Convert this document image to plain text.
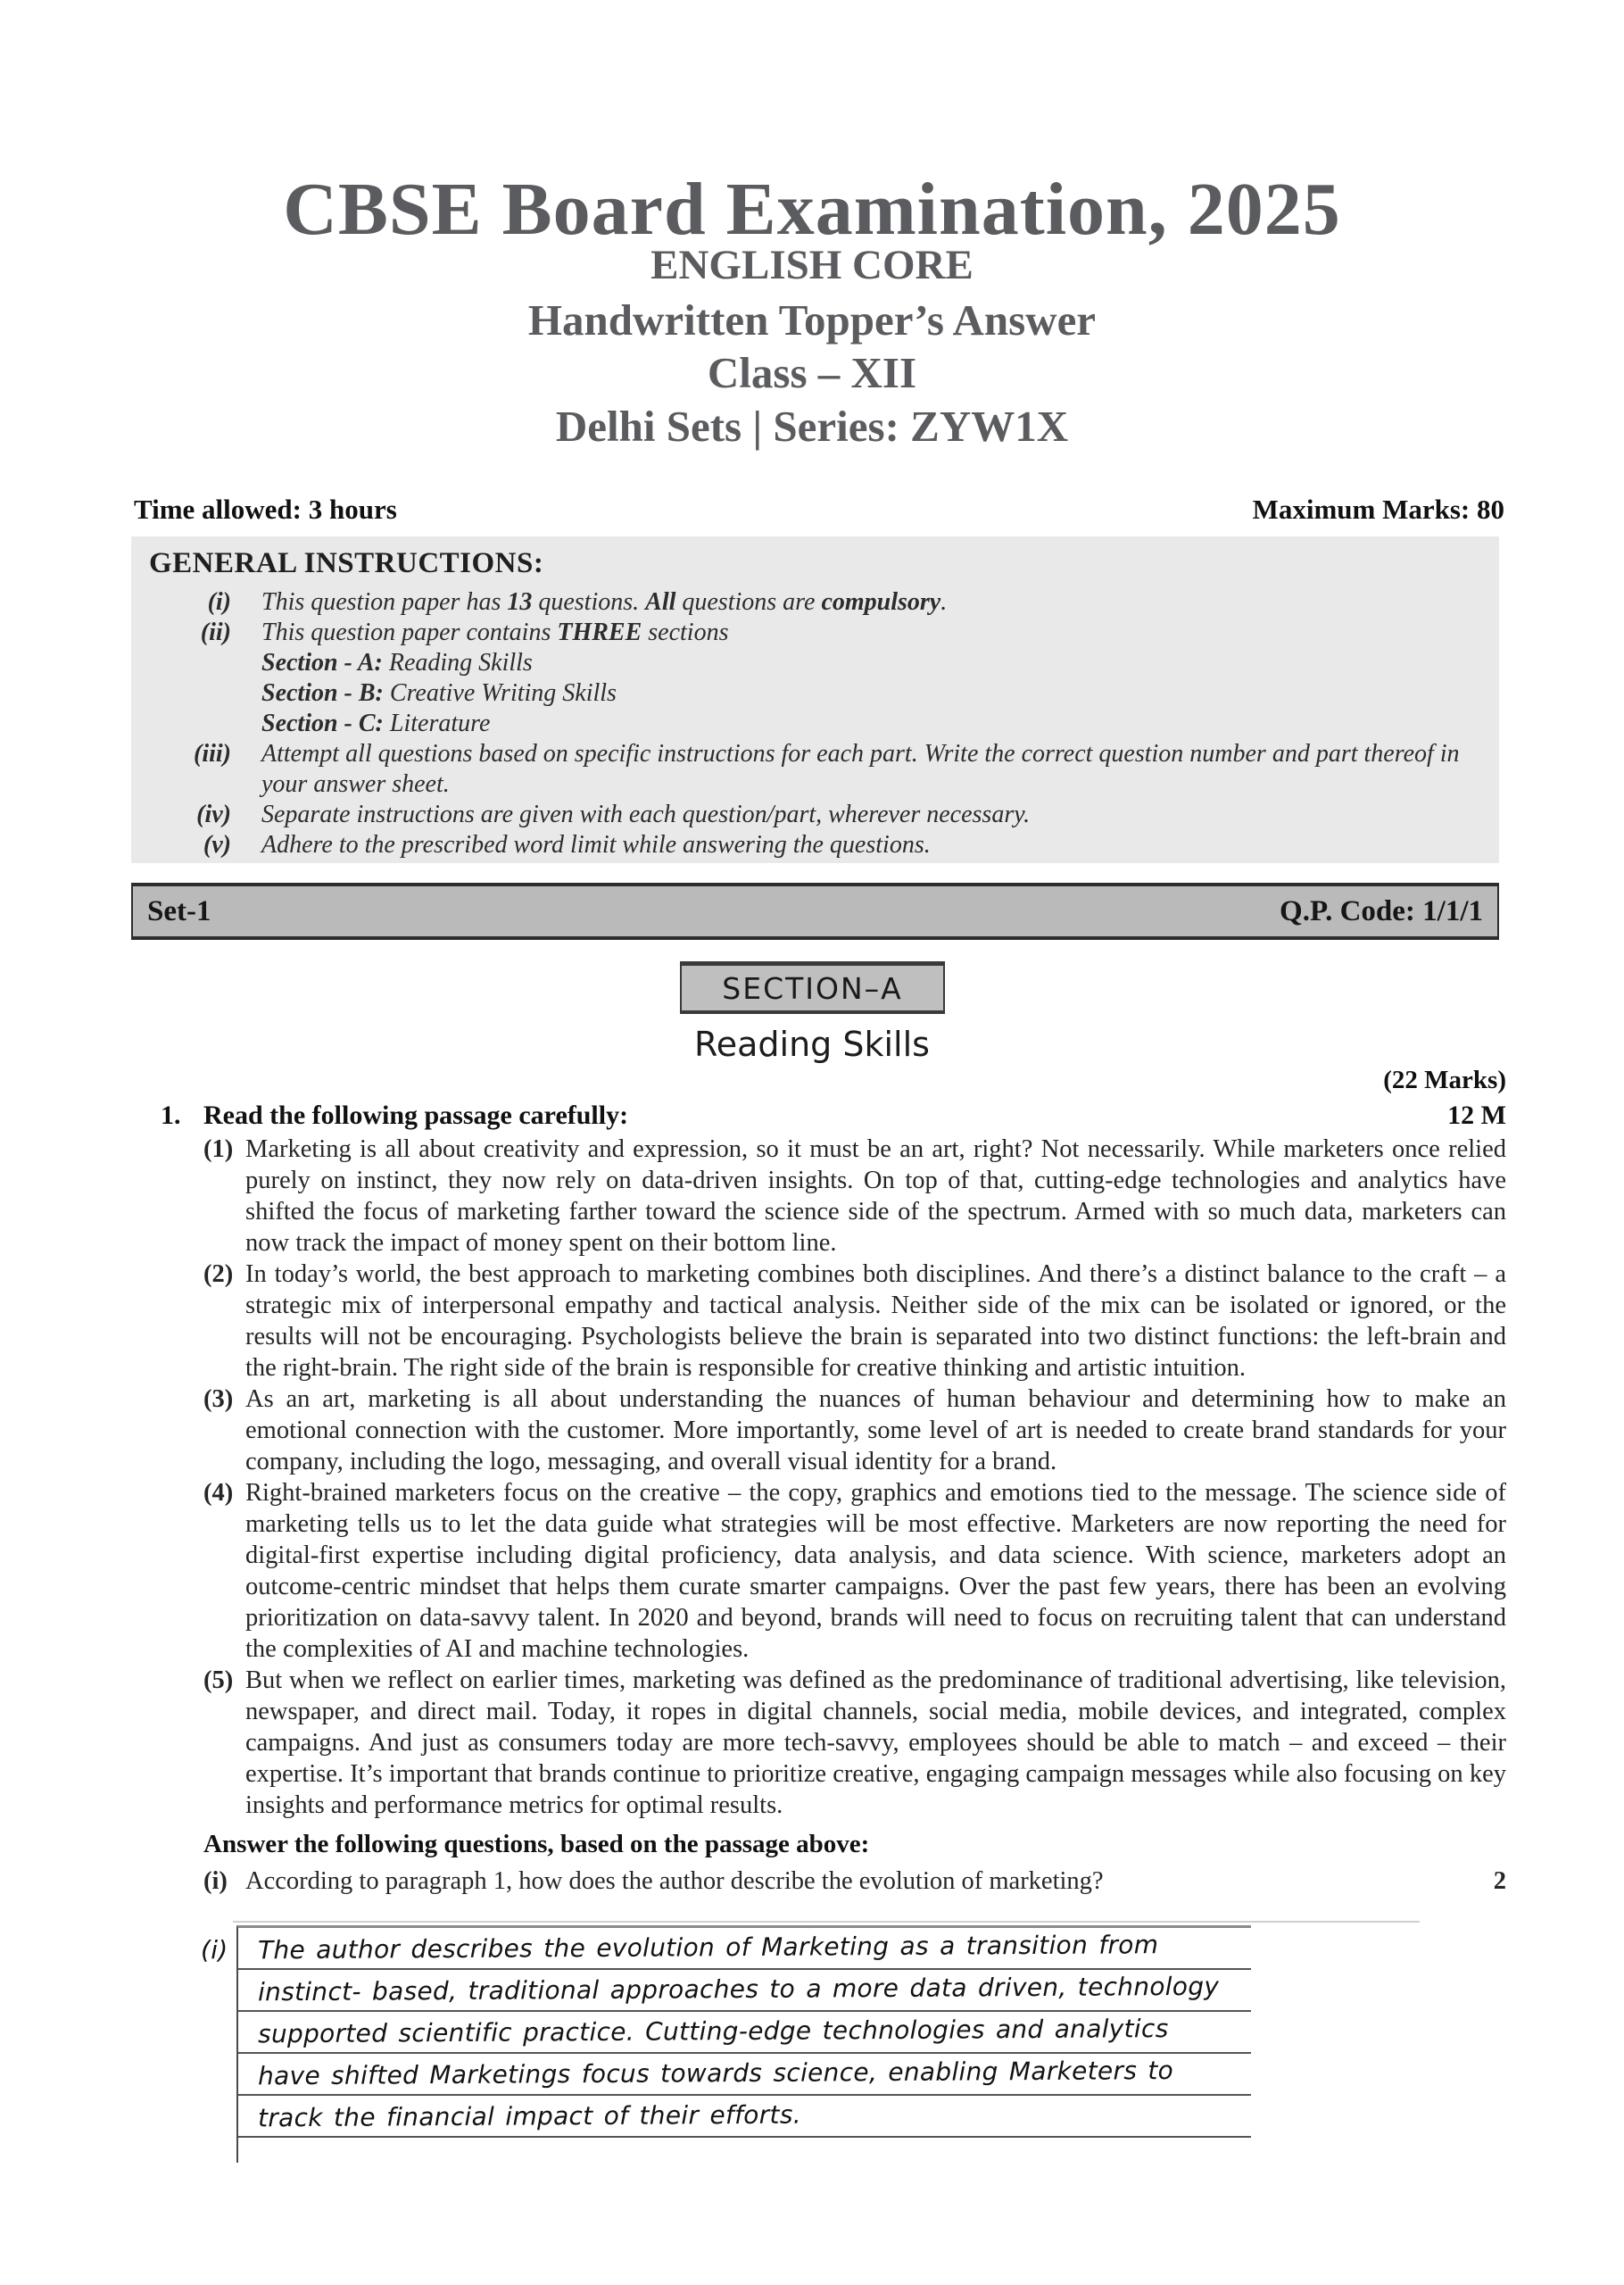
CBSE Board Examination, 2025
ENGLISH CORE
Handwritten Topper’s Answer
Class – XII
Delhi Sets | Series: ZYW1X
Time allowed: 3 hours	Maximum Marks: 80
GENERAL INSTRUCTIONS:
(i) This question paper has 13 questions. All questions are compulsory.
(ii) This question paper contains THREE sections
Section - A: Reading Skills
Section - B: Creative Writing Skills
Section - C: Literature
(iii) Attempt all questions based on specific instructions for each part. Write the correct question number and part thereof in your answer sheet.
(iv) Separate instructions are given with each question/part, wherever necessary.
(v) Adhere to the prescribed word limit while answering the questions.
Set-1	Q.P. Code: 1/1/1
SECTION–A
Reading Skills
(22 Marks)
1. Read the following passage carefully:	12 M
(1) Marketing is all about creativity and expression, so it must be an art, right? Not necessarily. While marketers once relied purely on instinct, they now rely on data-driven insights. On top of that, cutting-edge technologies and analytics have shifted the focus of marketing farther toward the science side of the spectrum. Armed with so much data, marketers can now track the impact of money spent on their bottom line.
(2) In today’s world, the best approach to marketing combines both disciplines. And there’s a distinct balance to the craft – a strategic mix of interpersonal empathy and tactical analysis. Neither side of the mix can be isolated or ignored, or the results will not be encouraging. Psychologists believe the brain is separated into two distinct functions: the left-brain and the right-brain. The right side of the brain is responsible for creative thinking and artistic intuition.
(3) As an art, marketing is all about understanding the nuances of human behaviour and determining how to make an emotional connection with the customer. More importantly, some level of art is needed to create brand standards for your company, including the logo, messaging, and overall visual identity for a brand.
(4) Right-brained marketers focus on the creative – the copy, graphics and emotions tied to the message. The science side of marketing tells us to let the data guide what strategies will be most effective. Marketers are now reporting the need for digital-first expertise including digital proficiency, data analysis, and data science. With science, marketers adopt an outcome-centric mindset that helps them curate smarter campaigns. Over the past few years, there has been an evolving prioritization on data-savvy talent. In 2020 and beyond, brands will need to focus on recruiting talent that can understand the complexities of AI and machine technologies.
(5) But when we reflect on earlier times, marketing was defined as the predominance of traditional advertising, like television, newspaper, and direct mail. Today, it ropes in digital channels, social media, mobile devices, and integrated, complex campaigns. And just as consumers today are more tech-savvy, employees should be able to match – and exceed – their expertise. It’s important that brands continue to prioritize creative, engaging campaign messages while also focusing on key insights and performance metrics for optimal results.
Answer the following questions, based on the passage above:
(i) According to paragraph 1, how does the author describe the evolution of marketing?	2
(i)	The author describes the evolution of Marketing as a transition from
instinct- based, traditional approaches to a more data driven, technology
supported scientific practice. Cutting-edge technologies and analytics
have shifted Marketings focus towards science, enabling Marketers to
track the financial impact of their efforts.
